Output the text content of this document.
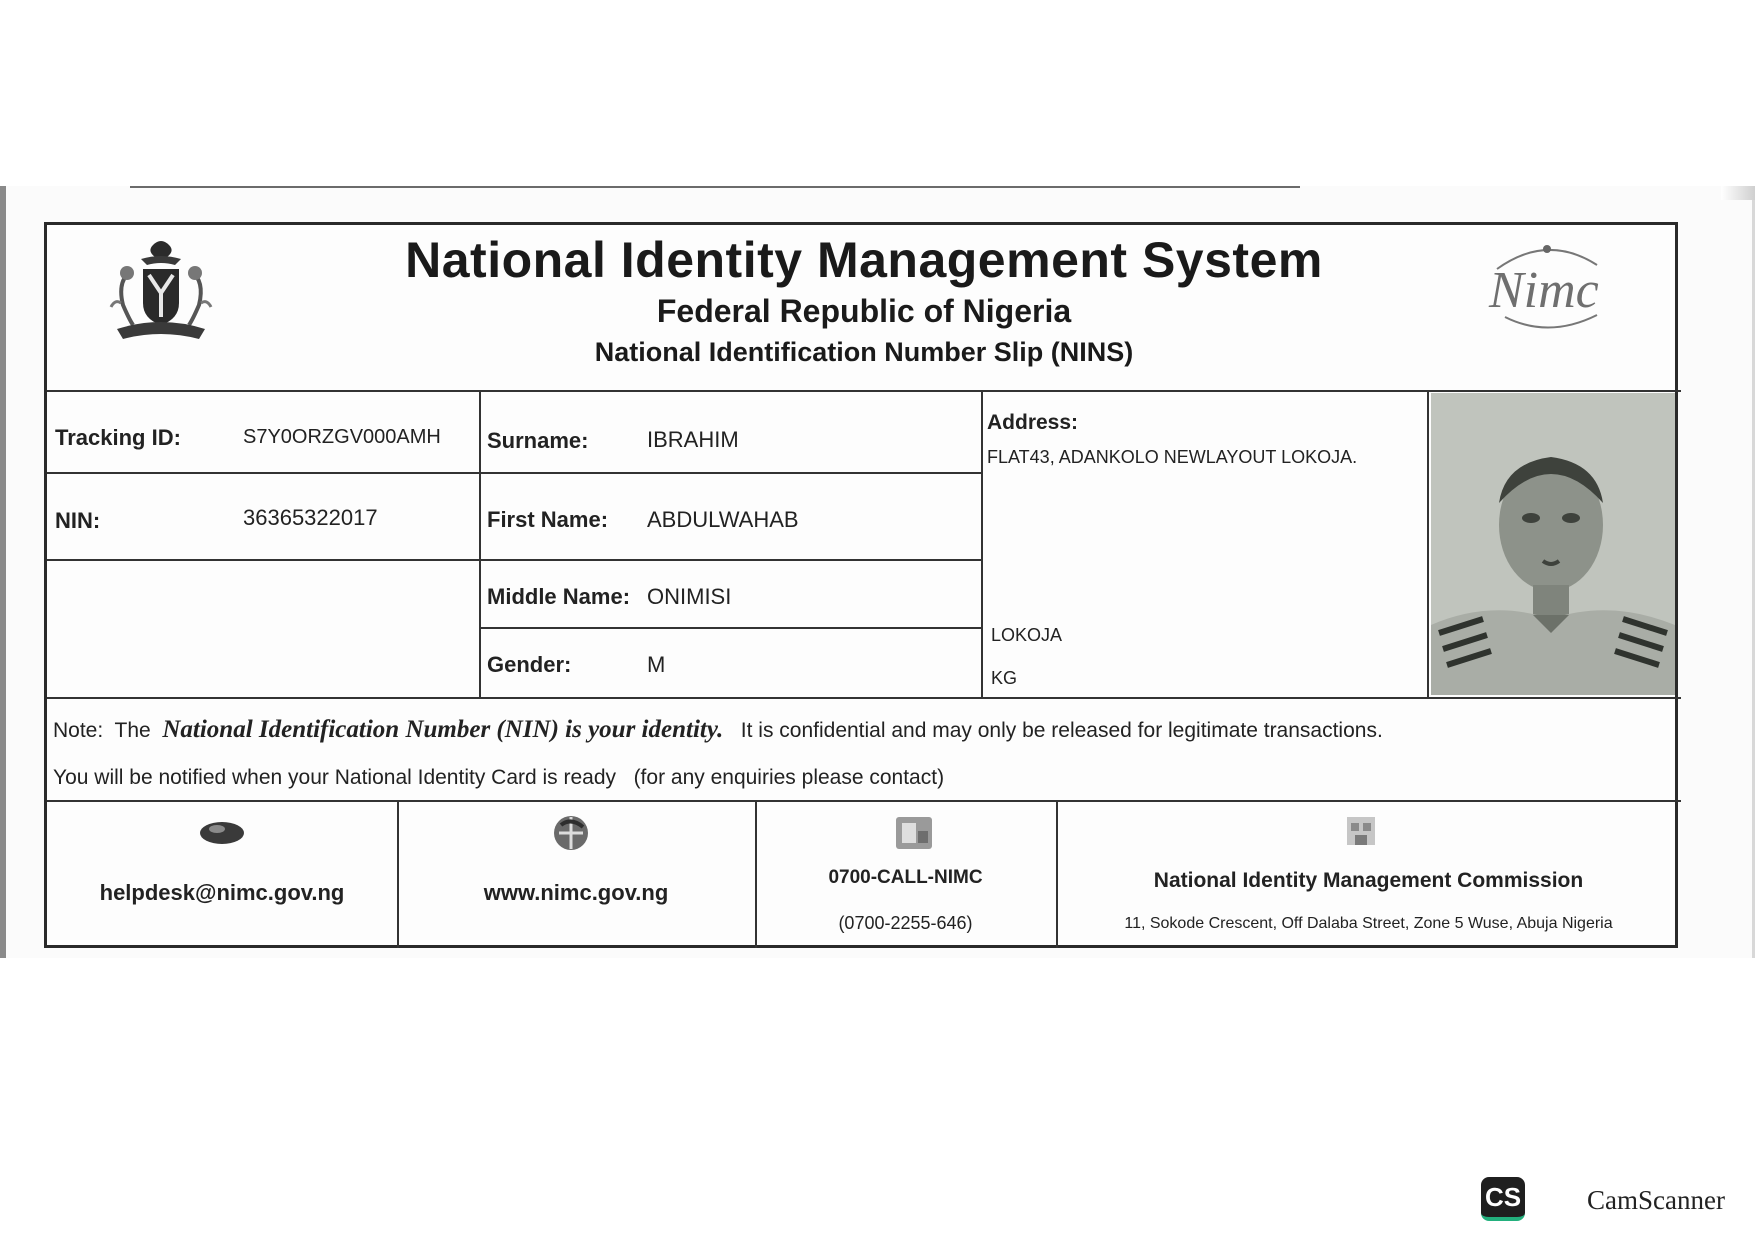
Nimc
National Identity Management System
Federal Republic of Nigeria
National Identification Number Slip (NINS)
Tracking ID:	S7Y0ORZGV000AMH
NIN:	36365322017
Surname:	IBRAHIM
First Name: ABDULWAHAB
Middle Name: ONIMISI
Gender:	M
Address:
FLAT43, ADANKOLO NEWLAYOUT LOKOJA.
LOKOJA
KG
Note: The National Identification Number (NIN) is your identity. It is confidential and may only be released for legitimate transactions.
You will be notified when your National Identity Card is ready (for any enquiries please contact)
helpdesk@nimc.gov.ng	www.nimc.gov.ng
0700-CALL-NIMC
(0700-2255-646)
National Identity Management Commission
11, Sokode Crescent, Off Dalaba Street, Zone 5 Wuse, Abuja Nigeria
CS CamScanner
